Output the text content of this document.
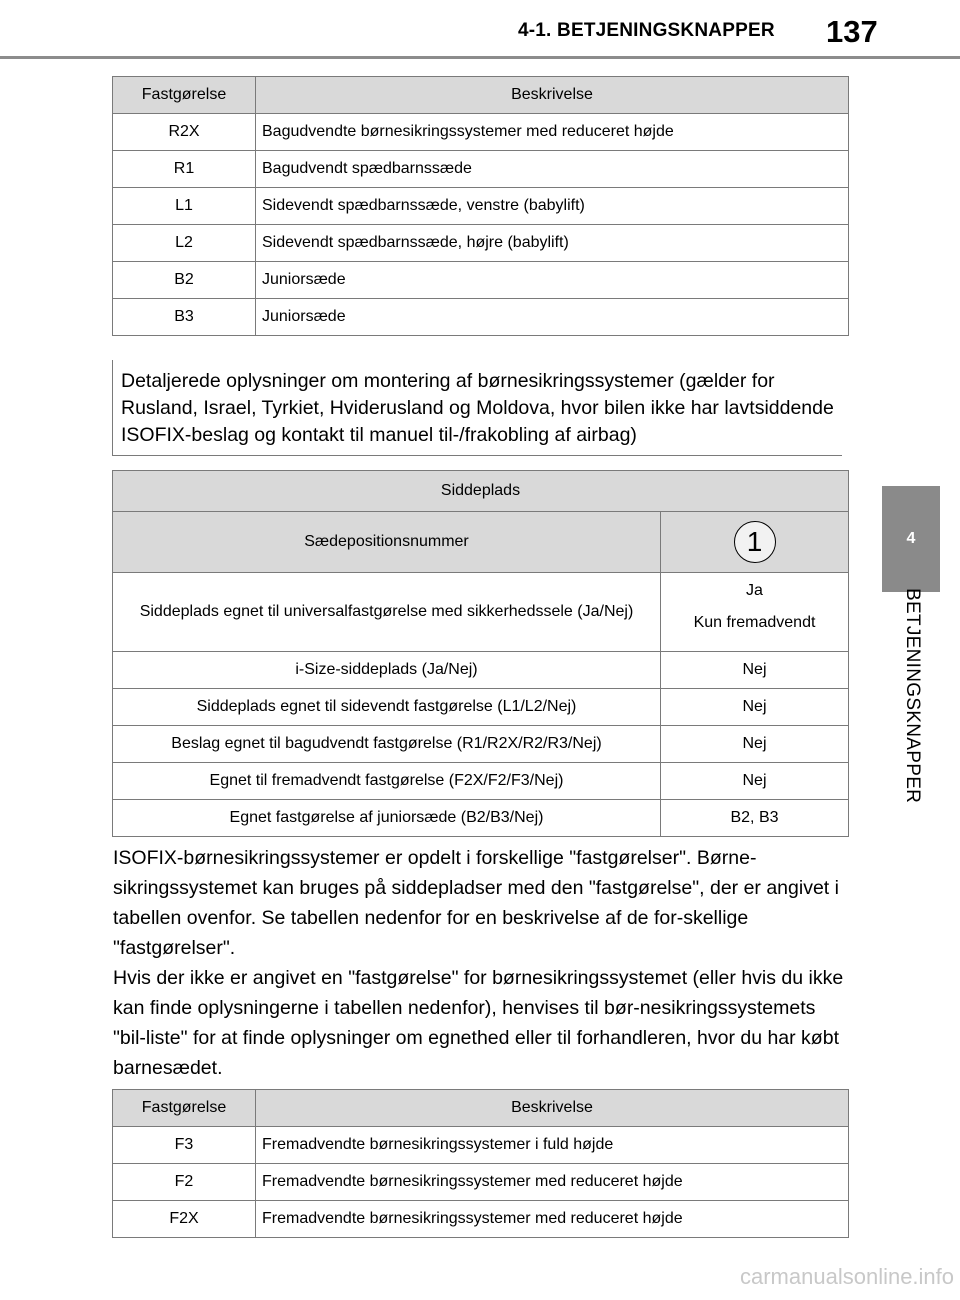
4-1. BETJENINGSKNAPPER 137
4
BETJENINGSKNAPPER
Fastgørelse	Beskrivelse
R2X	Bagudvendte børnesikringssystemer med reduceret højde
R1	Bagudvendt spædbarnssæde
L1	Sidevendt spædbarnssæde, venstre (babylift)
L2	Sidevendt spædbarnssæde, højre (babylift)
B2	Juniorsæde
B3	Juniorsæde
Detaljerede oplysninger om montering af børnesikringssystemer (gælder for Rusland, Israel, Tyrkiet, Hviderusland og Moldova, hvor bilen ikke har lavtsiddende ISOFIX-beslag og kontakt til manuel til-/frakobling af airbag)
Siddeplads	
Sædepositionsnummer	1
Siddeplads egnet til universalfastgørelse med sikkerhedssele (Ja/Nej)	Ja
Kun fremadvendt

i-Size-siddeplads (Ja/Nej)	Nej
Siddeplads egnet til sidevendt fastgørelse (L1/L2/Nej)	Nej
Beslag egnet til bagudvendt fastgørelse (R1/R2X/R2/R3/Nej)	Nej
Egnet til fremadvendt fastgørelse (F2X/F2/F3/Nej)	Nej
Egnet fastgørelse af juniorsæde (B2/B3/Nej)	B2, B3

ISOFIX-børnesikringssystemer er opdelt i forskellige "fastgørelser". Børne-sikringssystemet kan bruges på siddepladser med den "fastgørelse", der er angivet i tabellen ovenfor. Se tabellen nedenfor for en beskrivelse af de for-skellige "fastgørelser".

Hvis der ikke er angivet en "fastgørelse" for børnesikringssystemet (eller hvis du ikke kan finde oplysningerne i tabellen nedenfor), henvises til bør-nesikringssystemets "bil-liste" for at finde oplysninger om egnethed eller til forhandleren, hvor du har købt barnesædet.

Fastgørelse	Beskrivelse
F3	Fremadvendte børnesikringssystemer i fuld højde
F2	Fremadvendte børnesikringssystemer med reduceret højde
F2X	Fremadvendte børnesikringssystemer med reduceret højde
carmanualsonline.info
